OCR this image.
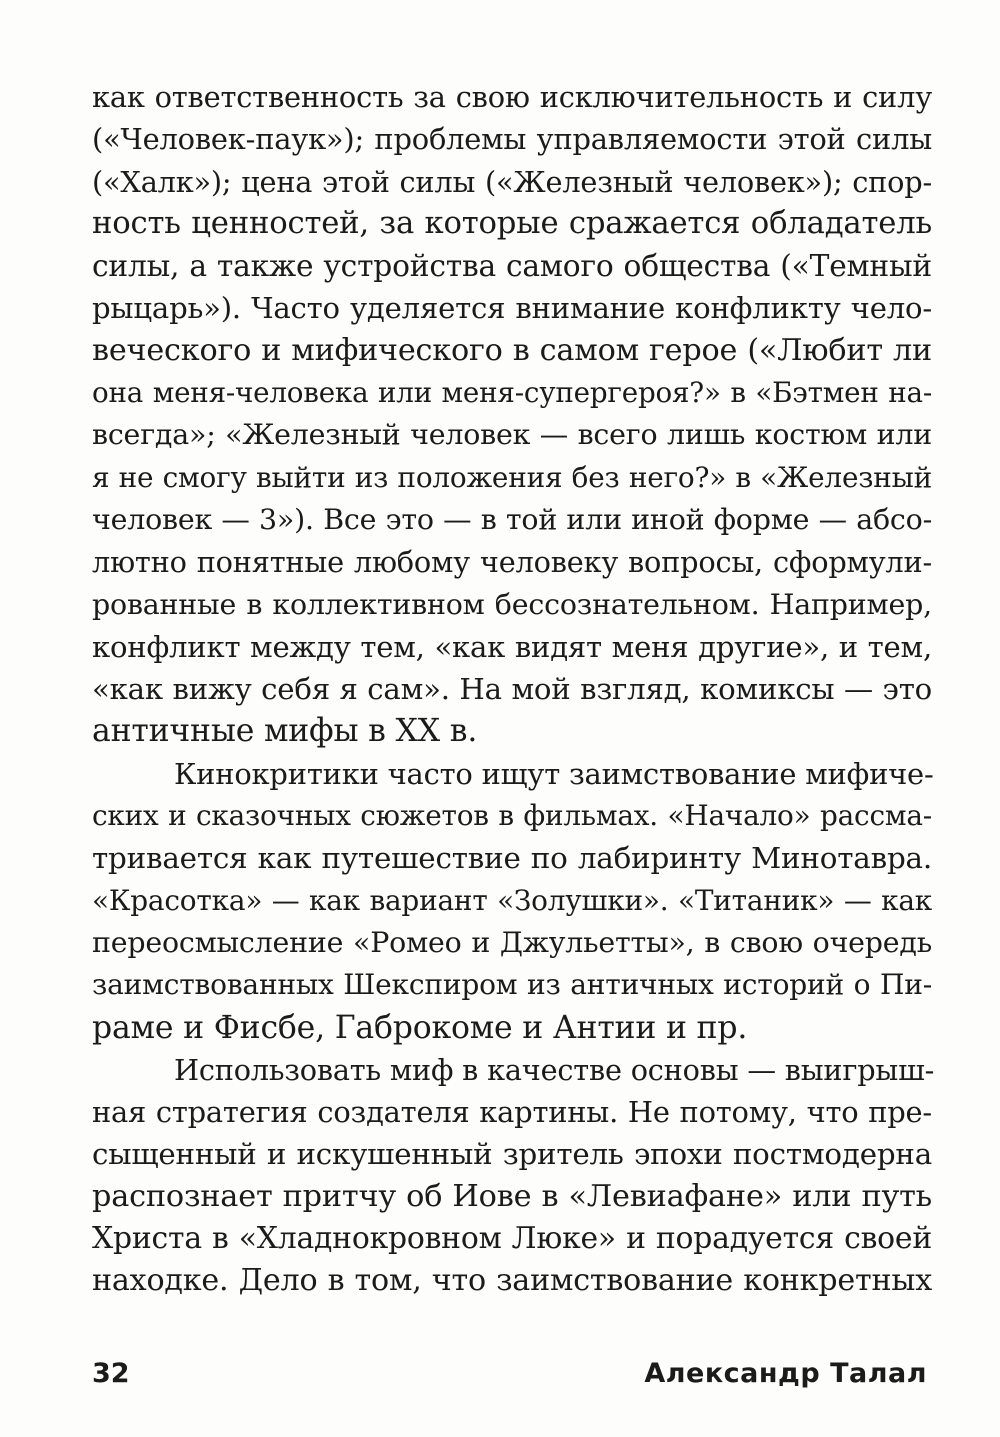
как ответственность за свою исключительность и силу
(«Человек-паук»); проблемы управляемости этой силы
(«Халк»); цена этой силы («Железный человек»); спор-
ность ценностей, за которые сражается обладатель
силы, а также устройства самого общества («Темный
рыцарь»). Часто уделяется внимание конфликту чело-
веческого и мифического в самом герое («Любит ли
она меня-человека или меня-супергероя?» в «Бэтмен на-
всегда»; «Железный человек — всего лишь костюм или
я не смогу выйти из положения без него?» в «Железный
человек — 3»). Все это — в той или иной форме — абсо-
лютно понятные любому человеку вопросы, сформули-
рованные в коллективном бессознательном. Например,
конфликт между тем, «как видят меня другие», и тем,
«как вижу себя я сам». На мой взгляд, комиксы — это
античные мифы в XX в.
Кинокритики часто ищут заимствование мифиче-
ских и сказочных сюжетов в фильмах. «Начало» рассма-
тривается как путешествие по лабиринту Минотавра.
«Красотка» — как вариант «Золушки». «Титаник» — как
переосмысление «Ромео и Джульетты», в свою очередь
заимствованных Шекспиром из античных историй о Пи-
раме и Фисбе, Габрокоме и Антии и пр.
Использовать миф в качестве основы — выигрыш-
ная стратегия создателя картины. Не потому, что пре-
сыщенный и искушенный зритель эпохи постмодерна
распознает притчу об Иове в «Левиафане» или путь
Христа в «Хладнокровном Люке» и порадуется своей
находке. Дело в том, что заимствование конкретных
32	Александр Талал
